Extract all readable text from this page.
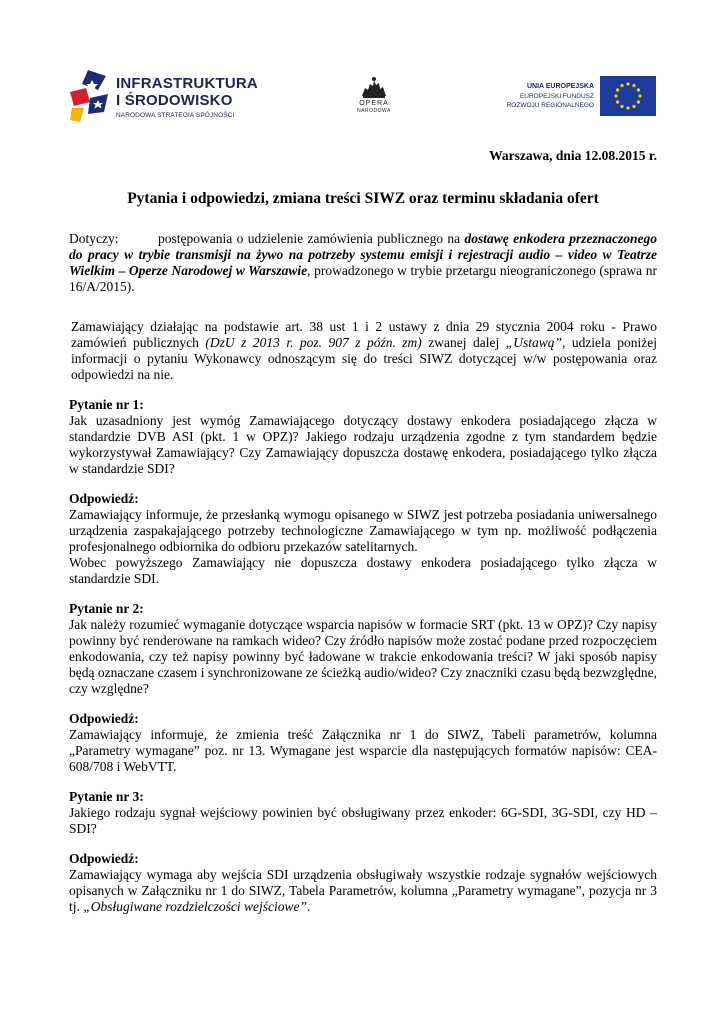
INFRASTRUKTURA
I ŚRODOWISKO
NARODOWA STRATEGIA SPÓJNOŚCI
OPERA
NARODOWA
UNIA EUROPEJSKA
EUROPEJSKI FUNDUSZ
ROZWOJU REGIONALNEGO
Warszawa, dnia 12.08.2015 r.
Pytania i odpowiedzi, zmiana treści SIWZ oraz terminu składania ofert

Dotyczy:	postępowania o udzielenie zamówienia publicznego na dostawę enkodera przeznaczonego do pracy w trybie transmisji na żywo na potrzeby systemu emisji i rejestracji audio – video w Teatrze Wielkim – Operze Narodowej w Warszawie, prowadzonego w trybie przetargu nieograniczonego (sprawa nr 16/A/2015).

Zamawiający działając na podstawie art. 38 ust 1 i 2 ustawy z dnia 29 stycznia 2004 roku - Prawo zamówień publicznych (DzU z 2013 r. poz. 907 z późn. zm) zwanej dalej „Ustawą”, udziela poniżej informacji o pytaniu Wykonawcy odnoszącym się do treści SIWZ dotyczącej w/w postępowania oraz odpowiedzi na nie.

Pytanie nr 1:

Jak uzasadniony jest wymóg Zamawiającego dotyczący dostawy enkodera posiadającego złącza w standardzie DVB ASI (pkt. 1 w OPZ)? Jakiego rodzaju urządzenia zgodne z tym standardem będzie wykorzystywał Zamawiający? Czy Zamawiający dopuszcza dostawę enkodera, posiadającego tylko złącza w standardzie SDI?

Odpowiedź:

Zamawiający informuje, że przesłanką wymogu opisanego w SIWZ jest potrzeba posiadania uniwersalnego urządzenia zaspakajającego potrzeby technologiczne Zamawiającego w tym np. możliwość podłączenia profesjonalnego odbiornika do odbioru przekazów satelitarnych.

Wobec powyższego Zamawiający nie dopuszcza dostawy enkodera posiadającego tylko złącza w standardzie SDI.

Pytanie nr 2:

Jak należy rozumieć wymaganie dotyczące wsparcia napisów w formacie SRT (pkt. 13 w OPZ)? Czy napisy powinny być renderowane na ramkach wideo? Czy źródło napisów może zostać podane przed rozpoczęciem enkodowania, czy też napisy powinny być ładowane w trakcie enkodowania treści? W jaki sposób napisy będą oznaczane czasem i synchronizowane ze ścieżką audio/wideo? Czy znaczniki czasu będą bezwzględne, czy względne?

Odpowiedź:

Zamawiający informuje, że zmienia treść Załącznika nr 1 do SIWZ, Tabeli parametrów, kolumna „Parametry wymagane” poz. nr 13. Wymagane jest wsparcie dla następujących formatów napisów: CEA-608/708 i WebVTT.

Pytanie nr 3:

Jakiego rodzaju sygnał wejściowy powinien być obsługiwany przez enkoder: 6G-SDI, 3G-SDI, czy HD – SDI?

Odpowiedź:

Zamawiający wymaga aby wejścia SDI urządzenia obsługiwały wszystkie rodzaje sygnałów wejściowych opisanych w Załączniku nr 1 do SIWZ, Tabela Parametrów, kolumna „Parametry wymagane”, pozycja nr 3 tj. „Obsługiwane rozdzielczości wejściowe”.
